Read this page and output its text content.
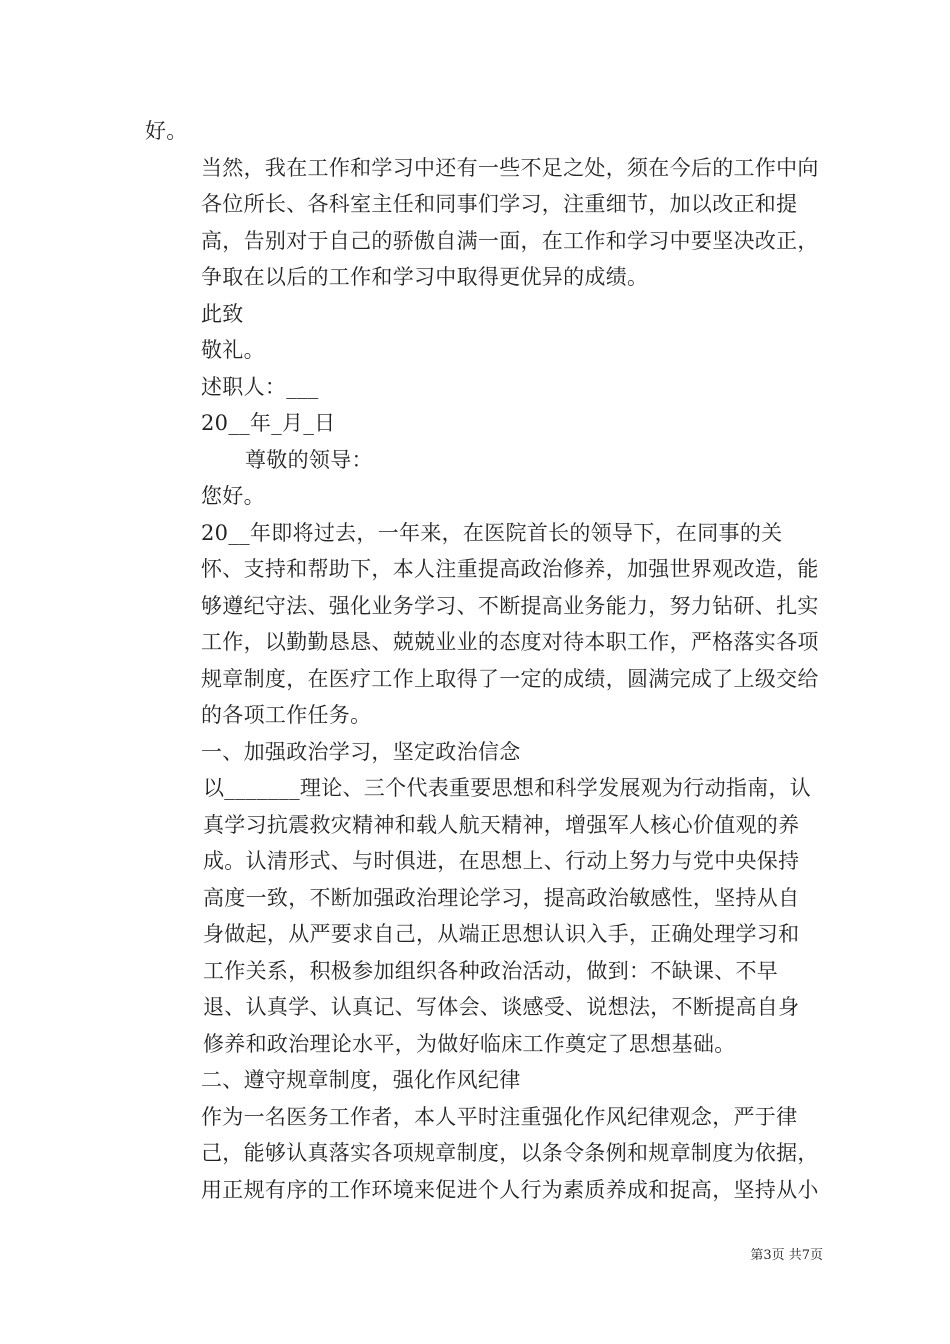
好。

当然，我在工作和学习中还有一些不足之处，须在今后的工作中向各位所长、各科室主任和同事们学习，注重细节，加以改正和提高，告别对于自己的骄傲自满一面，在工作和学习中要坚决改正，争取在以后的工作和学习中取得更优异的成绩。

此致

敬礼。

述职人：___

20__年_月_日

尊敬的领导：

您好。

20__年即将过去，一年来，在医院首长的领导下，在同事的关怀、支持和帮助下，本人注重提高政治修养，加强世界观改造，能够遵纪守法、强化业务学习、不断提高业务能力，努力钻研、扎实工作，以勤勤恳恳、兢兢业业的态度对待本职工作，严格落实各项规章制度，在医疗工作上取得了一定的成绩，圆满完成了上级交给的各项工作任务。

一、加强政治学习，坚定政治信念

以_______理论、三个代表重要思想和科学发展观为行动指南，认真学习抗震救灾精神和载人航天精神，增强军人核心价值观的养成。认清形式、与时俱进，在思想上、行动上努力与党中央保持高度一致，不断加强政治理论学习，提高政治敏感性，坚持从自身做起，从严要求自己，从端正思想认识入手，正确处理学习和工作关系，积极参加组织各种政治活动，做到：不缺课、不早退、认真学、认真记、写体会、谈感受、说想法，不断提高自身修养和政治理论水平，为做好临床工作奠定了思想基础。

二、遵守规章制度，强化作风纪律

作为一名医务工作者，本人平时注重强化作风纪律观念，严于律己，能够认真落实各项规章制度，以条令条例和规章制度为依据，用正规有序的工作环境来促进个人行为素质养成和捉高，坚持从小

第3页 共7页
